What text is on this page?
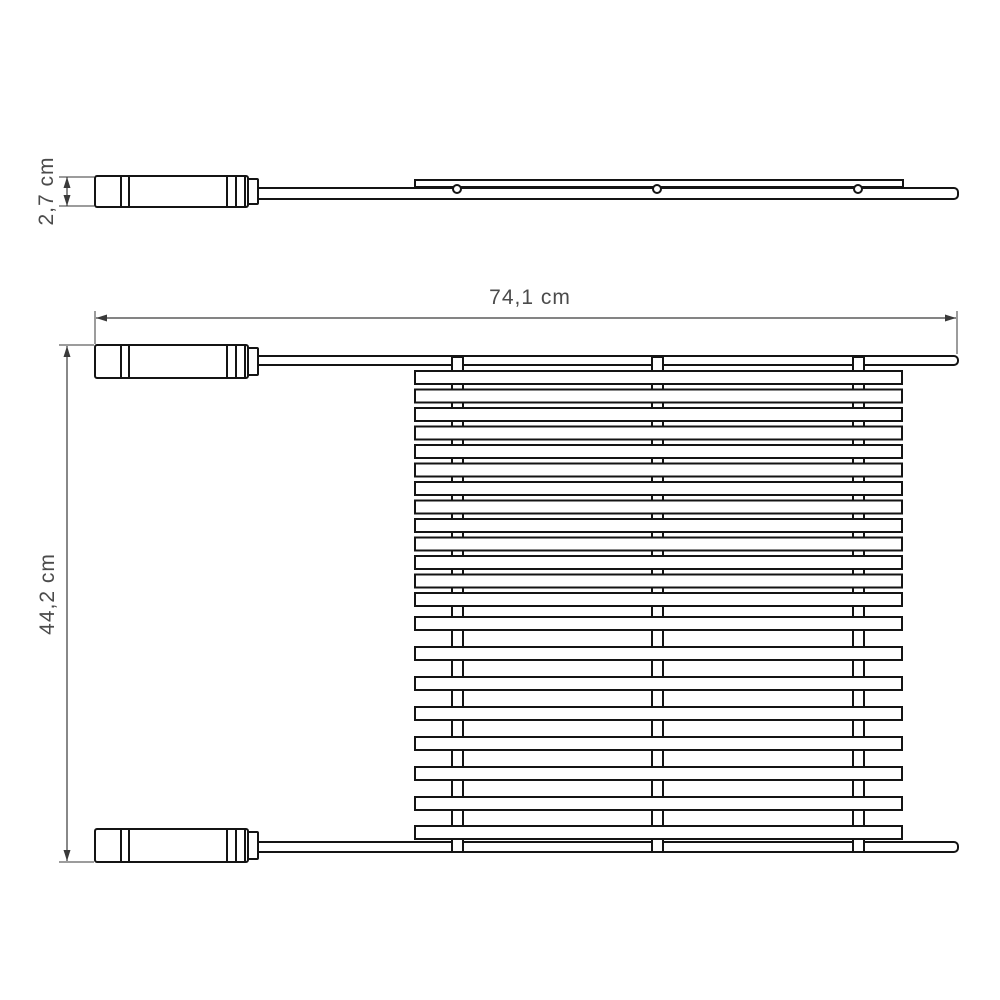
2,7 cm
74,1 cm
44,2 cm
